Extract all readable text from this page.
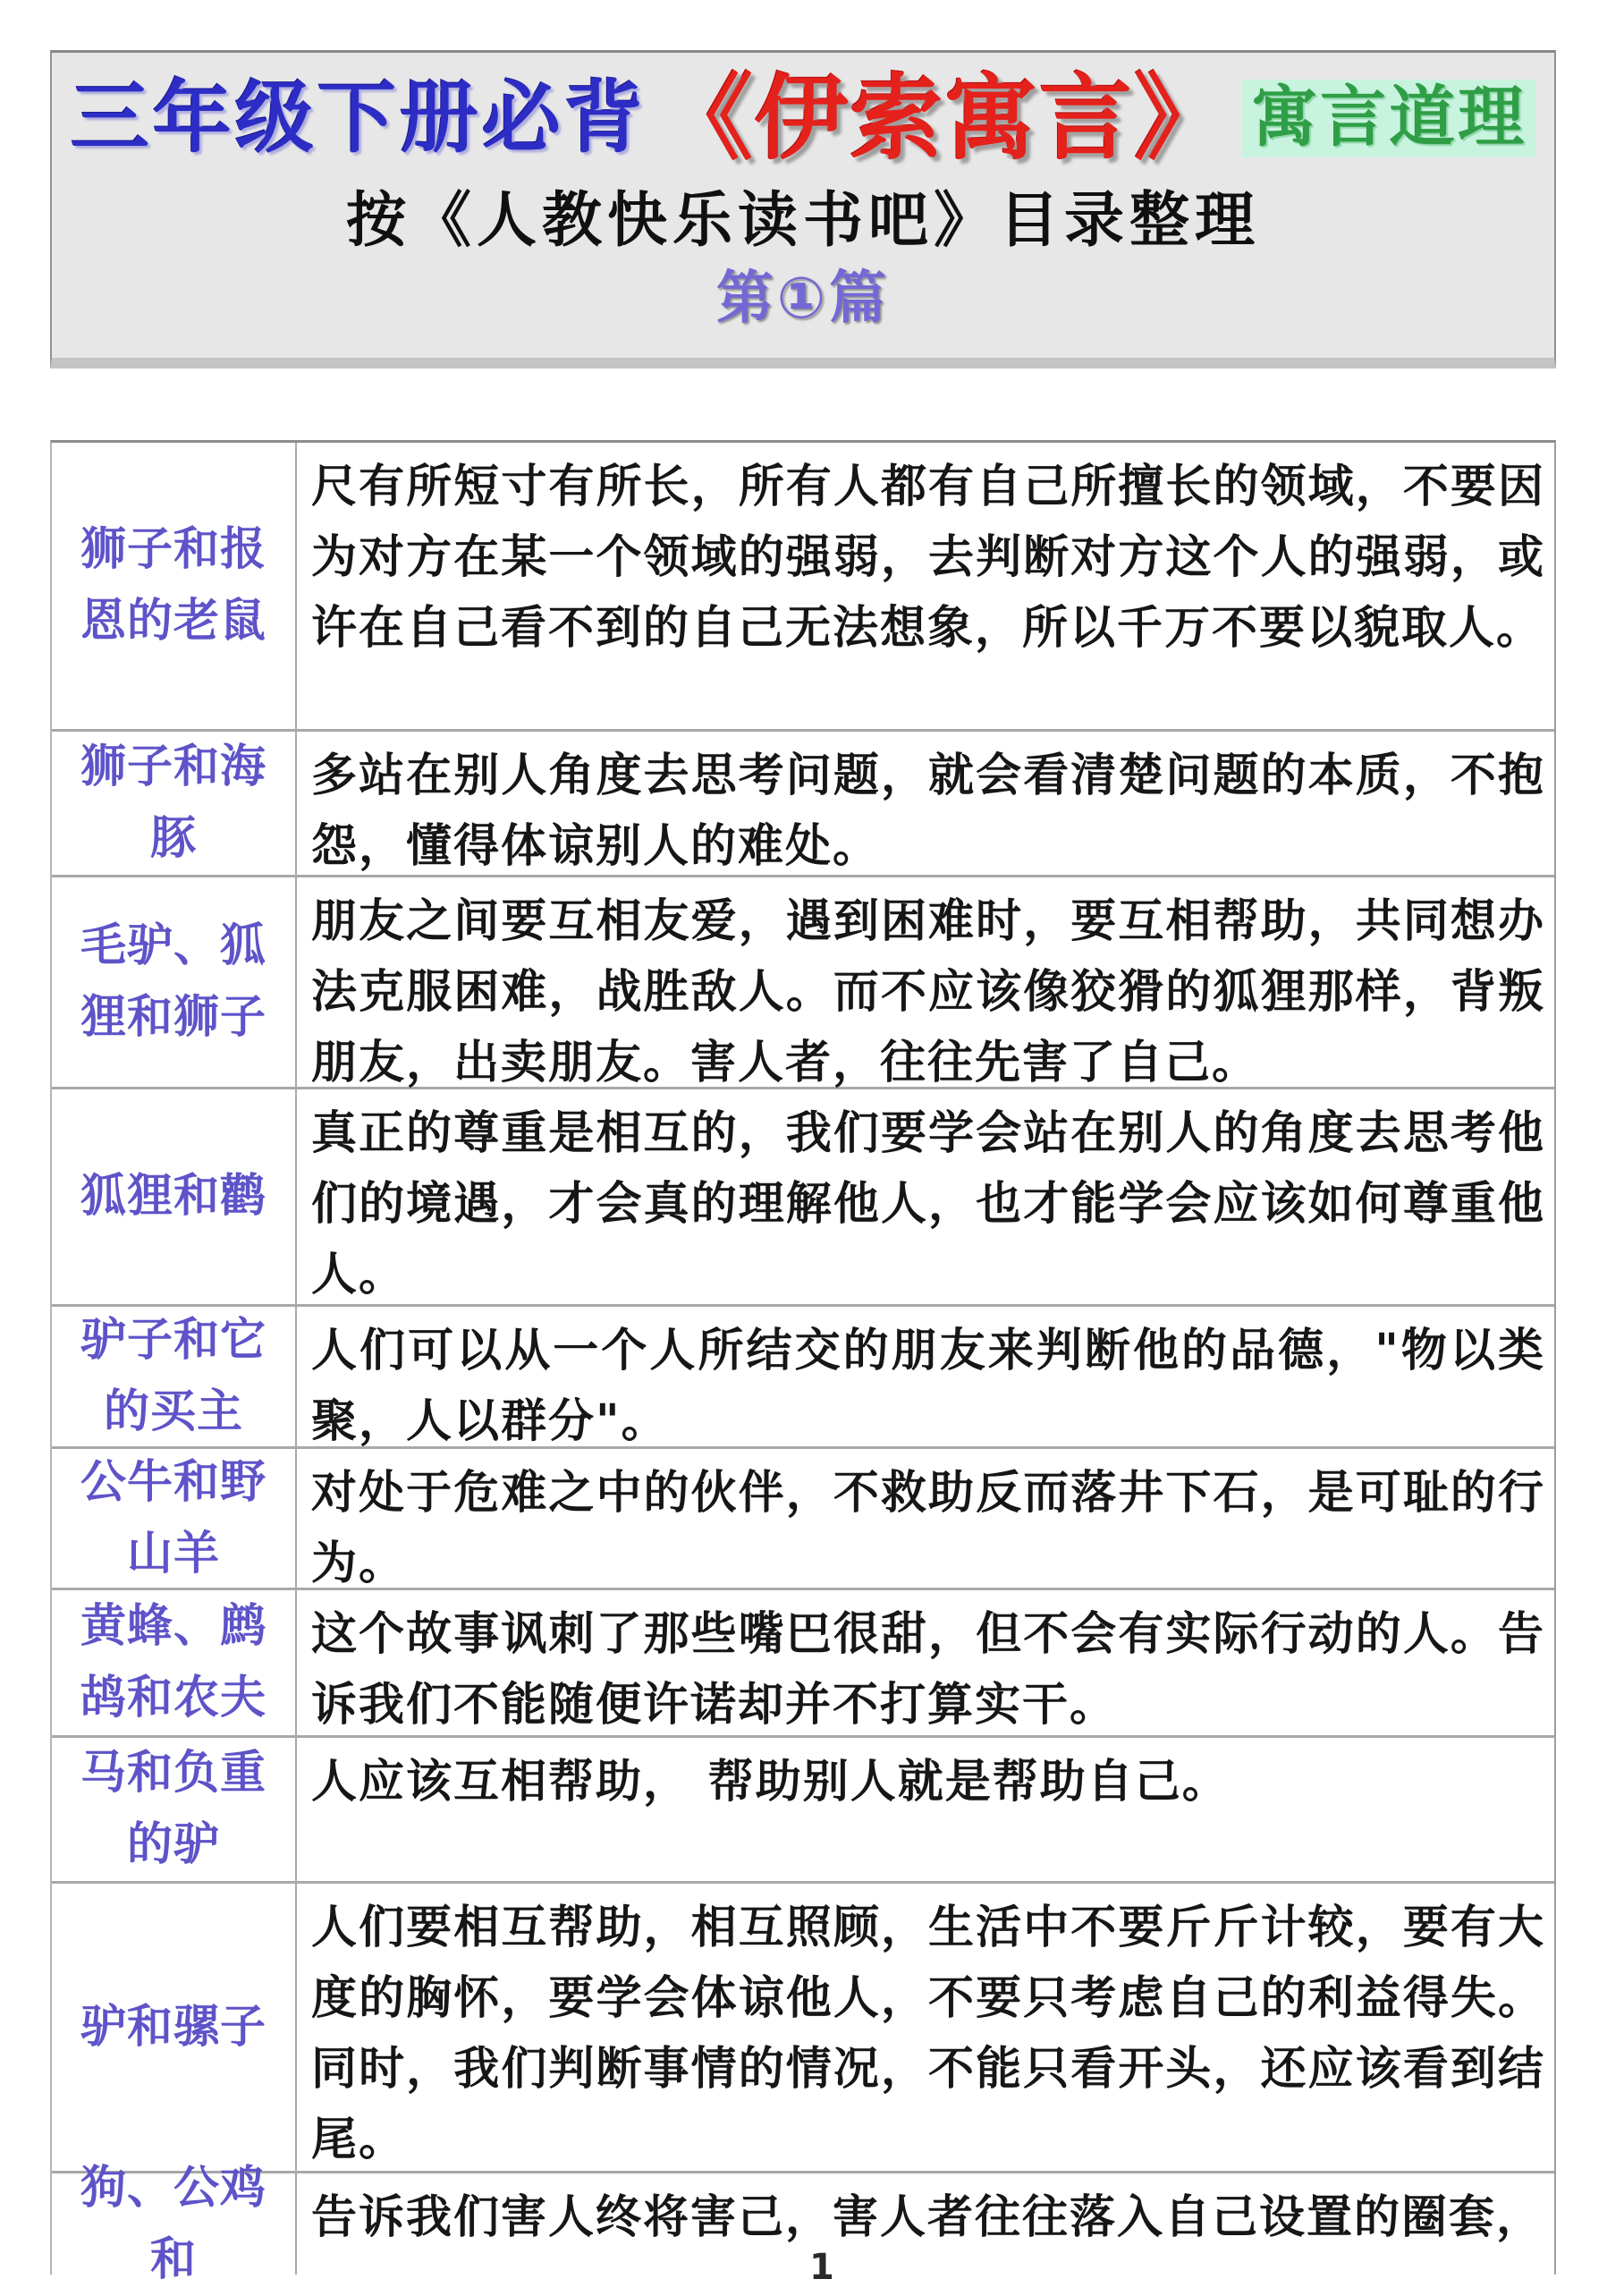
三年级下册必背 《伊索寓言》 寓言道理
按《人教快乐读书吧》目录整理
第①篇
狮子和报恩的老鼠
尺有所短寸有所长，所有人都有自己所擅长的领域，不要因为对方在某一个领域的强弱，去判断对方这个人的强弱，或许在自己看不到的自己无法想象，所以千万不要以貌取人。
狮子和海豚
多站在别人角度去思考问题，就会看清楚问题的本质，不抱怨，懂得体谅别人的难处。
毛驴、狐狸和狮子
朋友之间要互相友爱，遇到困难时，要互相帮助，共同想办法克服困难，战胜敌人。而不应该像狡猾的狐狸那样，背叛朋友，出卖朋友。害人者，往往先害了自己。
狐狸和鹳
真正的尊重是相互的，我们要学会站在别人的角度去思考他们的境遇，才会真的理解他人，也才能学会应该如何尊重他人。
驴子和它的买主
人们可以从一个人所结交的朋友来判断他的品德，"物以类聚，人以群分"。
公牛和野山羊
对处于危难之中的伙伴，不救助反而落井下石，是可耻的行为。
黄蜂、鹧鸪和农夫
这个故事讽刺了那些嘴巴很甜，但不会有实际行动的人。告诉我们不能随便许诺却并不打算实干。
马和负重的驴
人应该互相帮助， 帮助别人就是帮助自己。
驴和骡子
人们要相互帮助，相互照顾，生活中不要斤斤计较，要有大度的胸怀，要学会体谅他人，不要只考虑自己的利益得失。同时，我们判断事情的情况，不能只看开头，还应该看到结尾。
狗、公鸡和
告诉我们害人终将害己，害人者往往落入自己设置的圈套，
1
